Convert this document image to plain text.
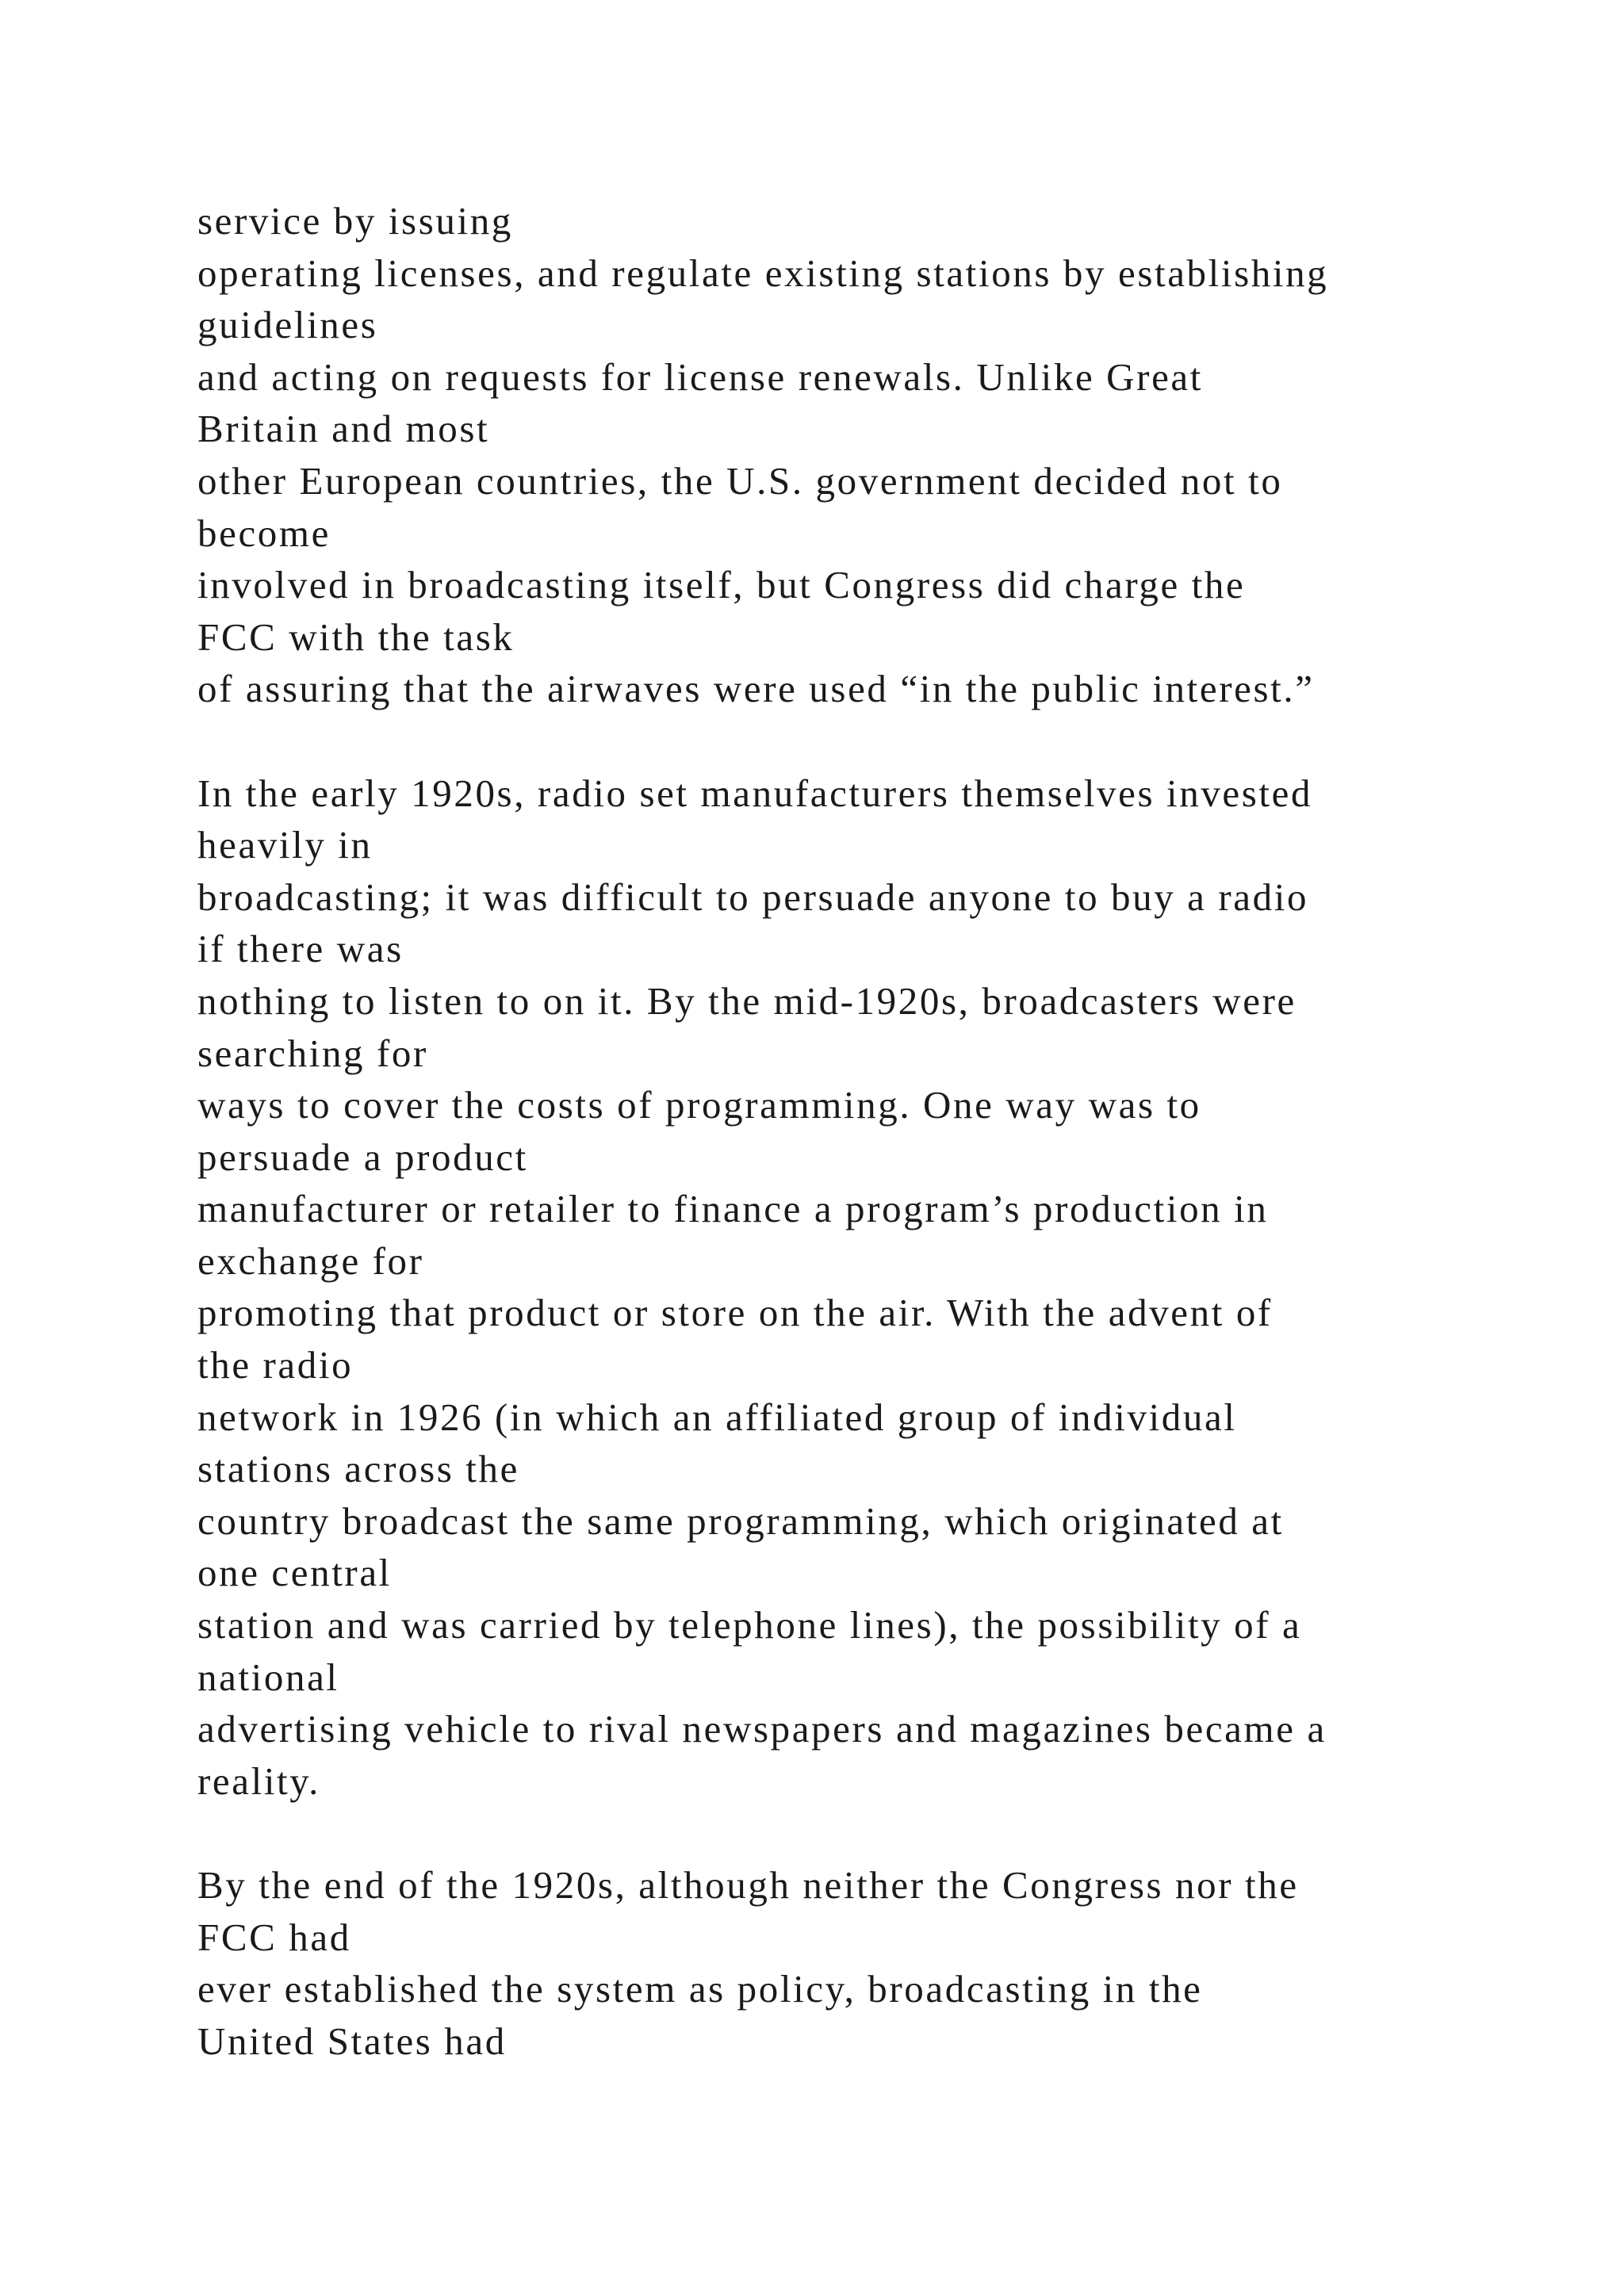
service by issuing
operating licenses, and regulate existing stations by establishing
guidelines
and acting on requests for license renewals. Unlike Great
Britain and most
other European countries, the U.S. government decided not to
become
involved in broadcasting itself, but Congress did charge the
FCC with the task
of assuring that the airwaves were used “in the public interest.”
In the early 1920s, radio set manufacturers themselves invested
heavily in
broadcasting; it was difficult to persuade anyone to buy a radio
if there was
nothing to listen to on it. By the mid-1920s, broadcasters were
searching for
ways to cover the costs of programming. One way was to
persuade a product
manufacturer or retailer to finance a program’s production in
exchange for
promoting that product or store on the air. With the advent of
the radio
network in 1926 (in which an affiliated group of individual
stations across the
country broadcast the same programming, which originated at
one central
station and was carried by telephone lines), the possibility of a
national
advertising vehicle to rival newspapers and magazines became a
reality.
By the end of the 1920s, although neither the Congress nor the
FCC had
ever established the system as policy, broadcasting in the
United States had
